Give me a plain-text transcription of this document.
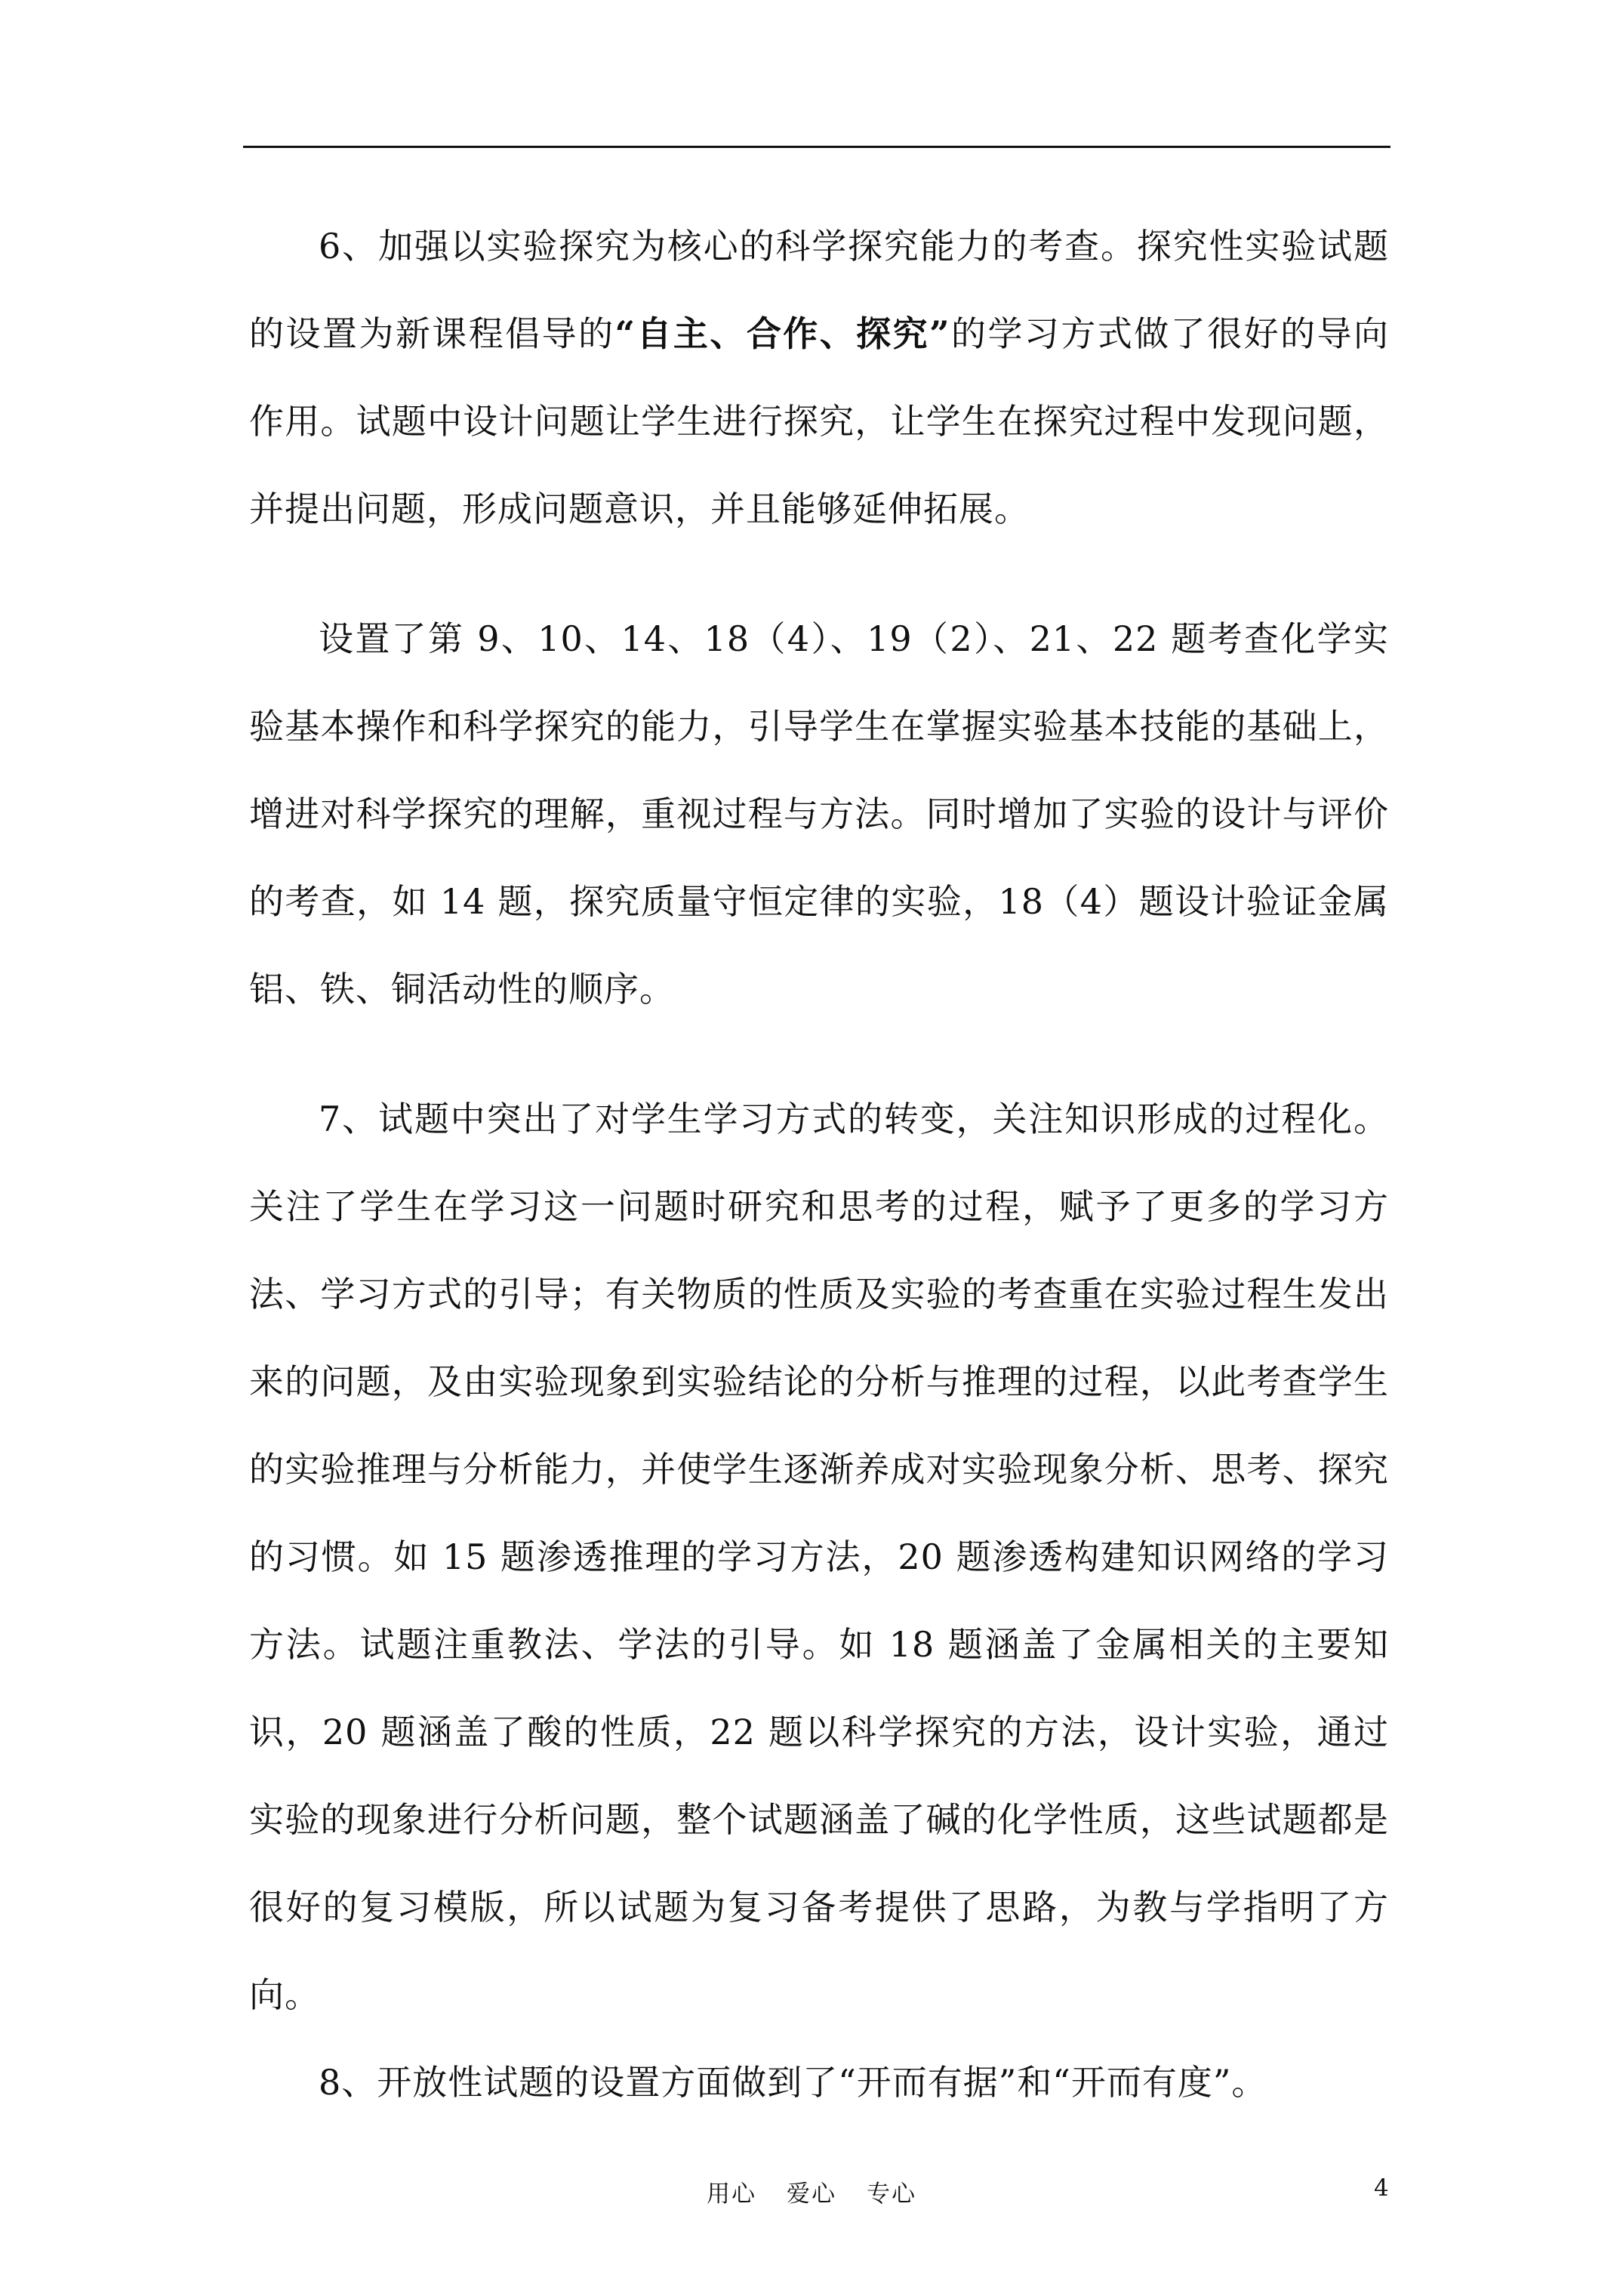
6、加强以实验探究为核心的科学探究能力的考查。探究性实验试题的设置为新课程倡导的“自主、合作、探究”的学习方式做了很好的导向作用。试题中设计问题让学生进行探究，让学生在探究过程中发现问题，并提出问题，形成问题意识，并且能够延伸拓展。

设置了第 9、10、14、18（4）、19（2）、21、22 题考查化学实验基本操作和科学探究的能力，引导学生在掌握实验基本技能的基础上，增进对科学探究的理解，重视过程与方法。同时增加了实验的设计与评价的考查，如 14 题，探究质量守恒定律的实验，18（4）题设计验证金属铝、铁、铜活动性的顺序。

7、试题中突出了对学生学习方式的转变，关注知识形成的过程化。关注了学生在学习这一问题时研究和思考的过程，赋予了更多的学习方法、学习方式的引导；有关物质的性质及实验的考查重在实验过程生发出来的问题，及由实验现象到实验结论的分析与推理的过程，以此考查学生的实验推理与分析能力，并使学生逐渐养成对实验现象分析、思考、探究的习惯。如 15 题渗透推理的学习方法，20 题渗透构建知识网络的学习方法。试题注重教法、学法的引导。如 18 题涵盖了金属相关的主要知识，20 题涵盖了酸的性质，22 题以科学探究的方法，设计实验，通过实验的现象进行分析问题，整个试题涵盖了碱的化学性质，这些试题都是很好的复习模版，所以试题为复习备考提供了思路，为教与学指明了方向。

8、开放性试题的设置方面做到了“开而有据”和“开而有度”。

用心 爱心 专心	4
